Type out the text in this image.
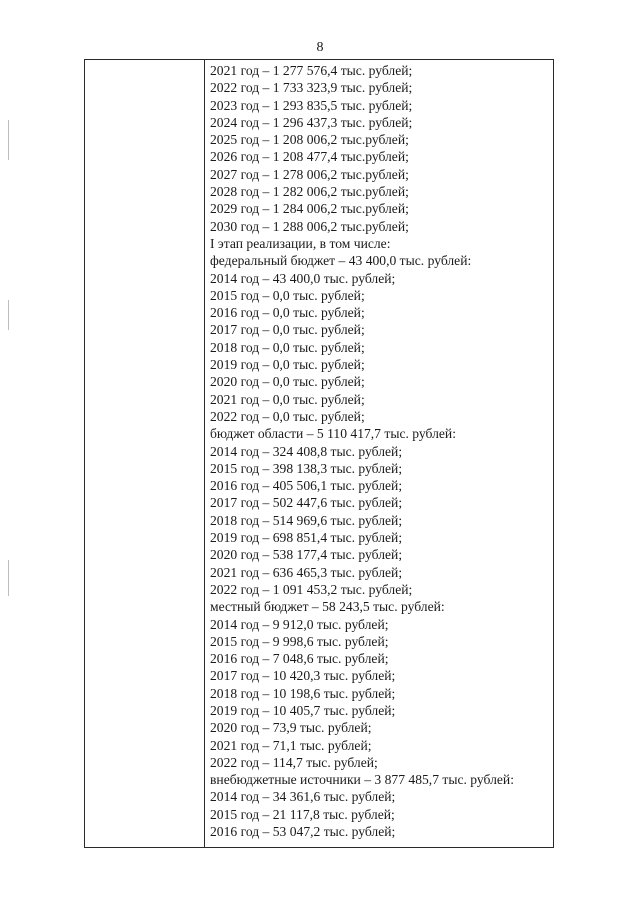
8
2021 год – 1 277 576,4 тыс. рублей;
2022 год – 1 733 323,9 тыс. рублей;
2023 год – 1 293 835,5 тыс. рублей;
2024 год – 1 296 437,3 тыс. рублей;
2025 год – 1 208 006,2 тыс.рублей;
2026 год – 1 208 477,4 тыс.рублей;
2027 год – 1 278 006,2 тыс.рублей;
2028 год – 1 282 006,2 тыс.рублей;
2029 год – 1 284 006,2 тыс.рублей;
2030 год – 1 288 006,2 тыс.рублей;
I этап реализации, в том числе:
федеральный бюджет – 43 400,0 тыс. рублей:
2014 год – 43 400,0 тыс. рублей;
2015 год – 0,0 тыс. рублей;
2016 год – 0,0 тыс. рублей;
2017 год – 0,0 тыс. рублей;
2018 год – 0,0 тыс. рублей;
2019 год – 0,0 тыс. рублей;
2020 год – 0,0 тыс. рублей;
2021 год – 0,0 тыс. рублей;
2022 год – 0,0 тыс. рублей;
бюджет области – 5 110 417,7 тыс. рублей:
2014 год – 324 408,8 тыс. рублей;
2015 год – 398 138,3 тыс. рублей;
2016 год – 405 506,1 тыс. рублей;
2017 год – 502 447,6 тыс. рублей;
2018 год – 514 969,6 тыс. рублей;
2019 год – 698 851,4 тыс. рублей;
2020 год – 538 177,4 тыс. рублей;
2021 год – 636 465,3 тыс. рублей;
2022 год – 1 091 453,2 тыс. рублей;
местный бюджет – 58 243,5 тыс. рублей:
2014 год – 9 912,0 тыс. рублей;
2015 год – 9 998,6 тыс. рублей;
2016 год – 7 048,6 тыс. рублей;
2017 год – 10 420,3 тыс. рублей;
2018 год – 10 198,6 тыс. рублей;
2019 год – 10 405,7 тыс. рублей;
2020 год – 73,9 тыс. рублей;
2021 год – 71,1 тыс. рублей;
2022 год – 114,7 тыс. рублей;
внебюджетные источники – 3 877 485,7 тыс. рублей:
2014 год – 34 361,6 тыс. рублей;
2015 год – 21 117,8 тыс. рублей;
2016 год – 53 047,2 тыс. рублей;
